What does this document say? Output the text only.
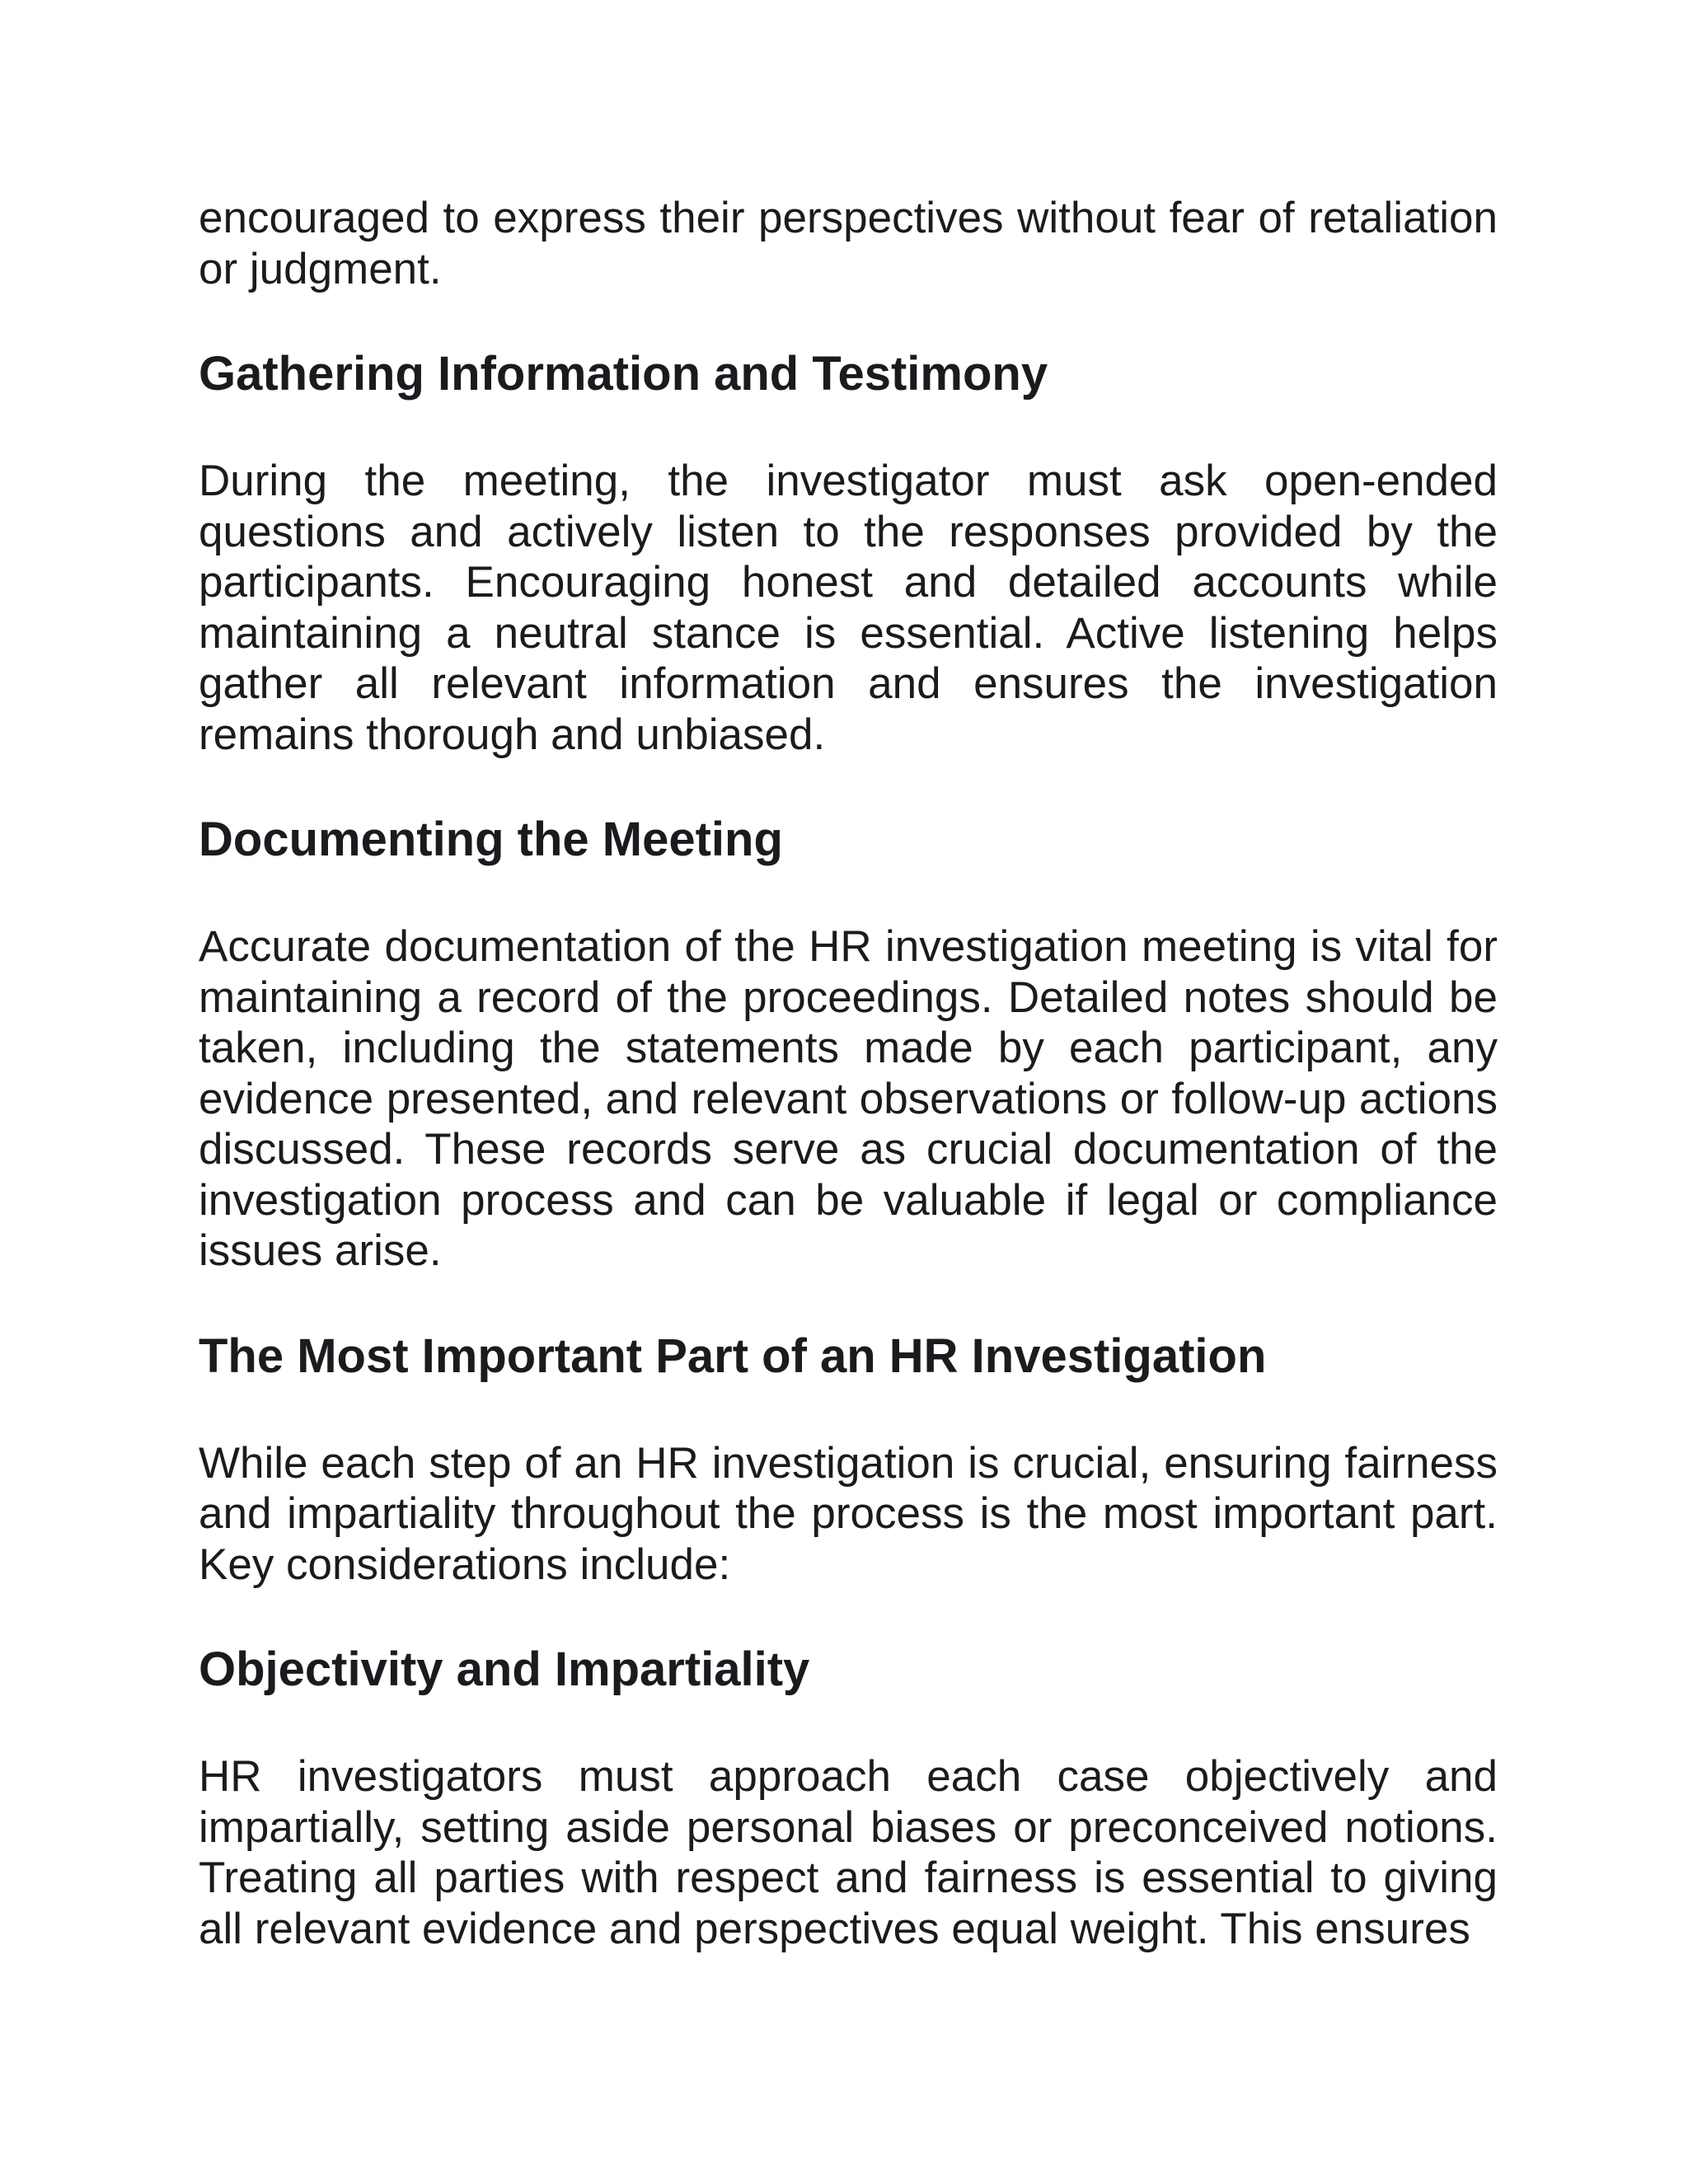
encouraged to express their perspectives without fear of retaliation or judgment.

Gathering Information and Testimony

During the meeting, the investigator must ask open-ended questions and actively listen to the responses provided by the participants. Encouraging honest and detailed accounts while maintaining a neutral stance is essential. Active listening helps gather all relevant information and ensures the investigation remains thorough and unbiased.

Documenting the Meeting

Accurate documentation of the HR investigation meeting is vital for maintaining a record of the proceedings. Detailed notes should be taken, including the statements made by each participant, any evidence presented, and relevant observations or follow-up actions discussed. These records serve as crucial documentation of the investigation process and can be valuable if legal or compliance issues arise.

The Most Important Part of an HR Investigation

While each step of an HR investigation is crucial, ensuring fairness and impartiality throughout the process is the most important part. Key considerations include:

Objectivity and Impartiality

HR investigators must approach each case objectively and impartially, setting aside personal biases or preconceived notions. Treating all parties with respect and fairness is essential to giving all relevant evidence and perspectives equal weight. This ensures
